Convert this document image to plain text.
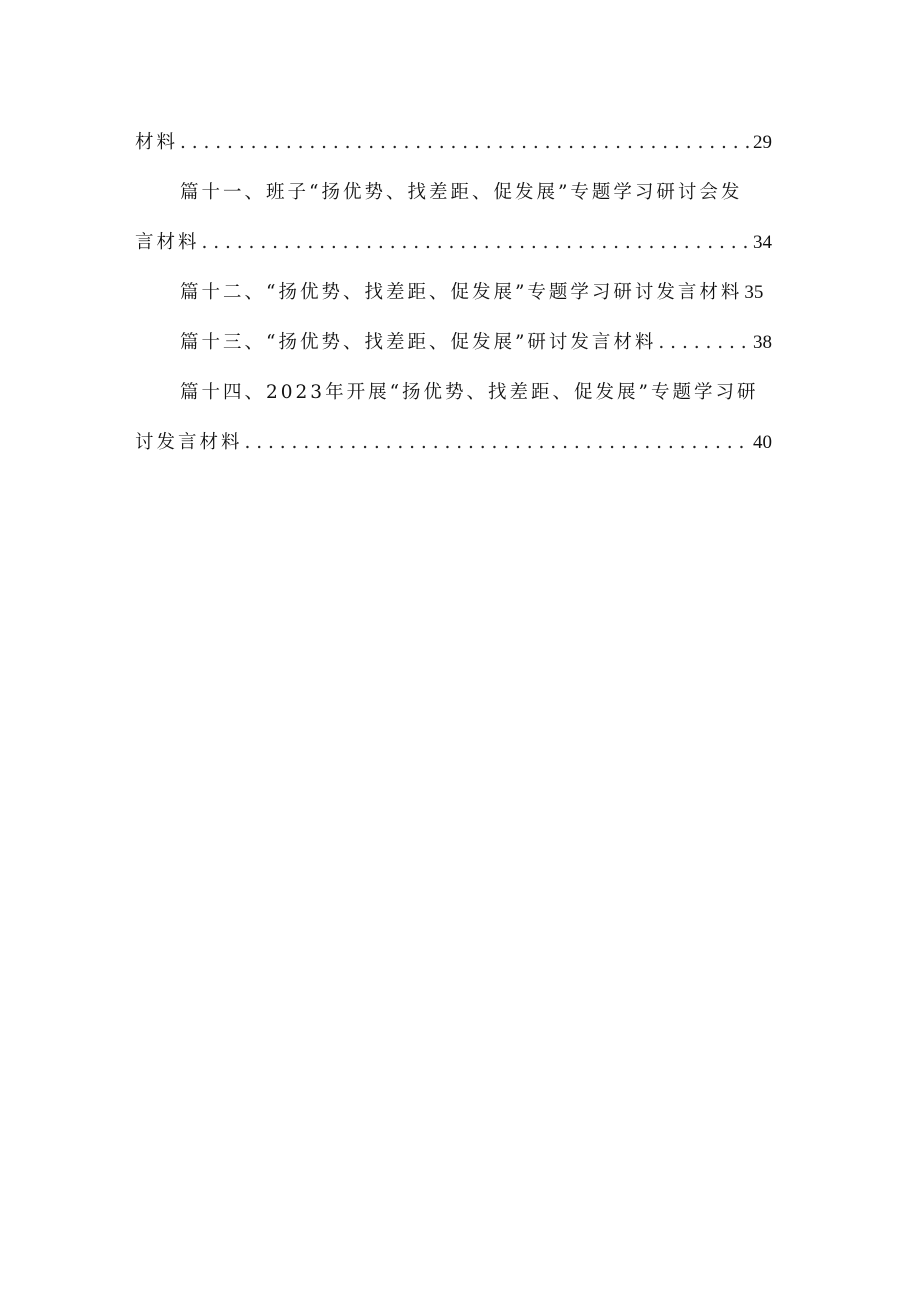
材料 . . .	29
篇十一、班子“扬优势、找差距、促发展”专题学习研讨会发
言材料 . . .	34
篇十二、“扬优势、找差距、促发展”专题学习研讨发言材料 35
篇十三、“扬优势、找差距、促发展”研讨发言材料 . . .	38
篇十四、2023年开展“扬优势、找差距、促发展”专题学习研
讨发言材料 . . .	40
